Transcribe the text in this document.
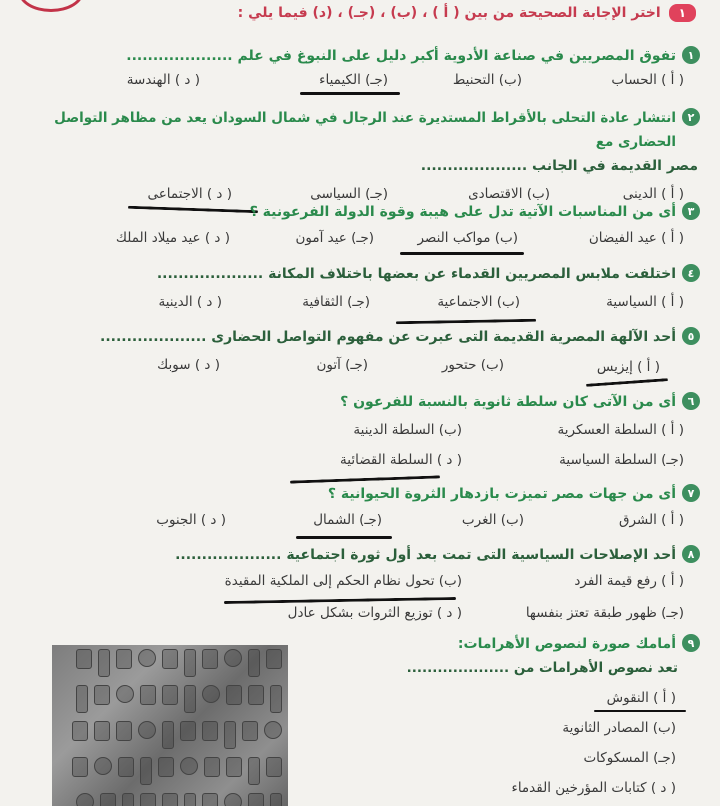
١
اختر الإجابة الصحيحة من بين ( أ ) ، (ب) ، (جـ) ، (د) فيما يلي :
١
تفوق المصريين في صناعة الأدوية أكبر دليل على النبوغ في علم ....................
( أ ) الحساب
(ب) التحنيط
(جـ) الكيمياء
( د ) الهندسة
٢
انتشار عادة التحلى بالأقراط المستديرة عند الرجال في شمال السودان يعد من مظاهر التواصل الحضارى مع
مصر القديمة في الجانب ....................
( أ ) الدينى
(ب) الاقتصادى
(جـ) السياسى
( د ) الاجتماعى
٣
أى من المناسبات الآتية تدل على هيبة وقوة الدولة الفرعونية ؟
( أ ) عيد الفيضان
(ب) مواكب النصر
(جـ) عيد آمون
( د ) عيد ميلاد الملك
٤
اختلفت ملابس المصريين القدماء عن بعضها باختلاف المكانة ....................
( أ ) السياسية
(ب) الاجتماعية
(جـ) الثقافية
( د ) الدينية
٥
أحد الآلهة المصرية القديمة التى عبرت عن مفهوم التواصل الحضارى ....................
( أ ) إيزيس
(ب) حتحور
(جـ) آتون
( د ) سوبك
٦
أى من الآتى كان سلطة ثانوية بالنسبة للفرعون ؟
( أ ) السلطة العسكرية
(ب) السلطة الدينية
(جـ) السلطة السياسية
( د ) السلطة القضائية
٧
أى من جهات مصر تميزت بازدهار الثروة الحيوانية ؟
( أ ) الشرق
(ب) الغرب
(جـ) الشمال
( د ) الجنوب
٨
أحد الإصلاحات السياسية التى تمت بعد أول ثورة اجتماعية ....................
( أ ) رفع قيمة الفرد
(ب) تحول نظام الحكم إلى الملكية المقيدة
(جـ) ظهور طبقة تعتز بنفسها
( د ) توزيع الثروات بشكل عادل
٩
أمامك صورة لنصوص الأهرامات:
تعد نصوص الأهرامات من ....................
( أ ) النقوش
(ب) المصادر الثانوية
(جـ) المسكوكات
( د ) كتابات المؤرخين القدماء
